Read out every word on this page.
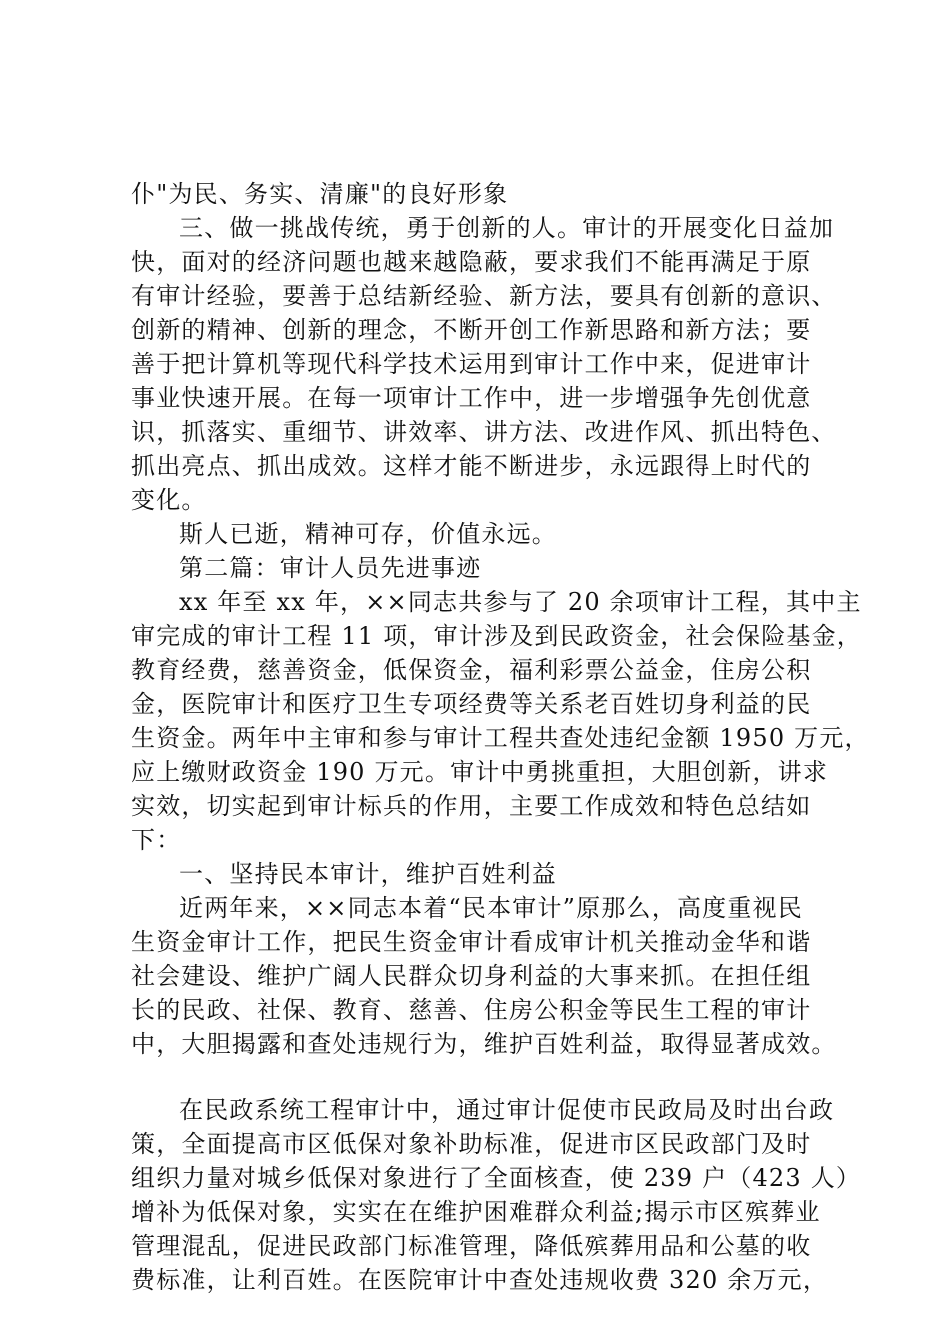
仆"为民、务实、清廉"的良好形象
三、做一挑战传统，勇于创新的人。审计的开展变化日益加
快，面对的经济问题也越来越隐蔽，要求我们不能再满足于原
有审计经验，要善于总结新经验、新方法，要具有创新的意识、
创新的精神、创新的理念，不断开创工作新思路和新方法；要
善于把计算机等现代科学技术运用到审计工作中来，促进审计
事业快速开展。在每一项审计工作中，进一步增强争先创优意
识，抓落实、重细节、讲效率、讲方法、改进作风、抓出特色、
抓出亮点、抓出成效。这样才能不断进步，永远跟得上时代的
变化。
斯人已逝，精神可存，价值永远。
第二篇：审计人员先进事迹
xx 年至 xx 年，××同志共参与了 20 余项审计工程，其中主
审完成的审计工程 11 项，审计涉及到民政资金，社会保险基金，
教育经费，慈善资金，低保资金，福利彩票公益金，住房公积
金，医院审计和医疗卫生专项经费等关系老百姓切身利益的民
生资金。两年中主审和参与审计工程共查处违纪金额 1950 万元，
应上缴财政资金 190 万元。审计中勇挑重担，大胆创新，讲求
实效，切实起到审计标兵的作用，主要工作成效和特色总结如
下：
一、坚持民本审计，维护百姓利益
近两年来，××同志本着“民本审计”原那么，高度重视民
生资金审计工作，把民生资金审计看成审计机关推动金华和谐
社会建设、维护广阔人民群众切身利益的大事来抓。在担任组
长的民政、社保、教育、慈善、住房公积金等民生工程的审计
中，大胆揭露和查处违规行为，维护百姓利益，取得显著成效。
在民政系统工程审计中，通过审计促使市民政局及时出台政
策，全面提高市区低保对象补助标准，促进市区民政部门及时
组织力量对城乡低保对象进行了全面核查，使 239 户（423 人）
增补为低保对象，实实在在维护困难群众利益;揭示市区殡葬业
管理混乱，促进民政部门标准管理，降低殡葬用品和公墓的收
费标准，让利百姓。在医院审计中查处违规收费 320 余万元，
